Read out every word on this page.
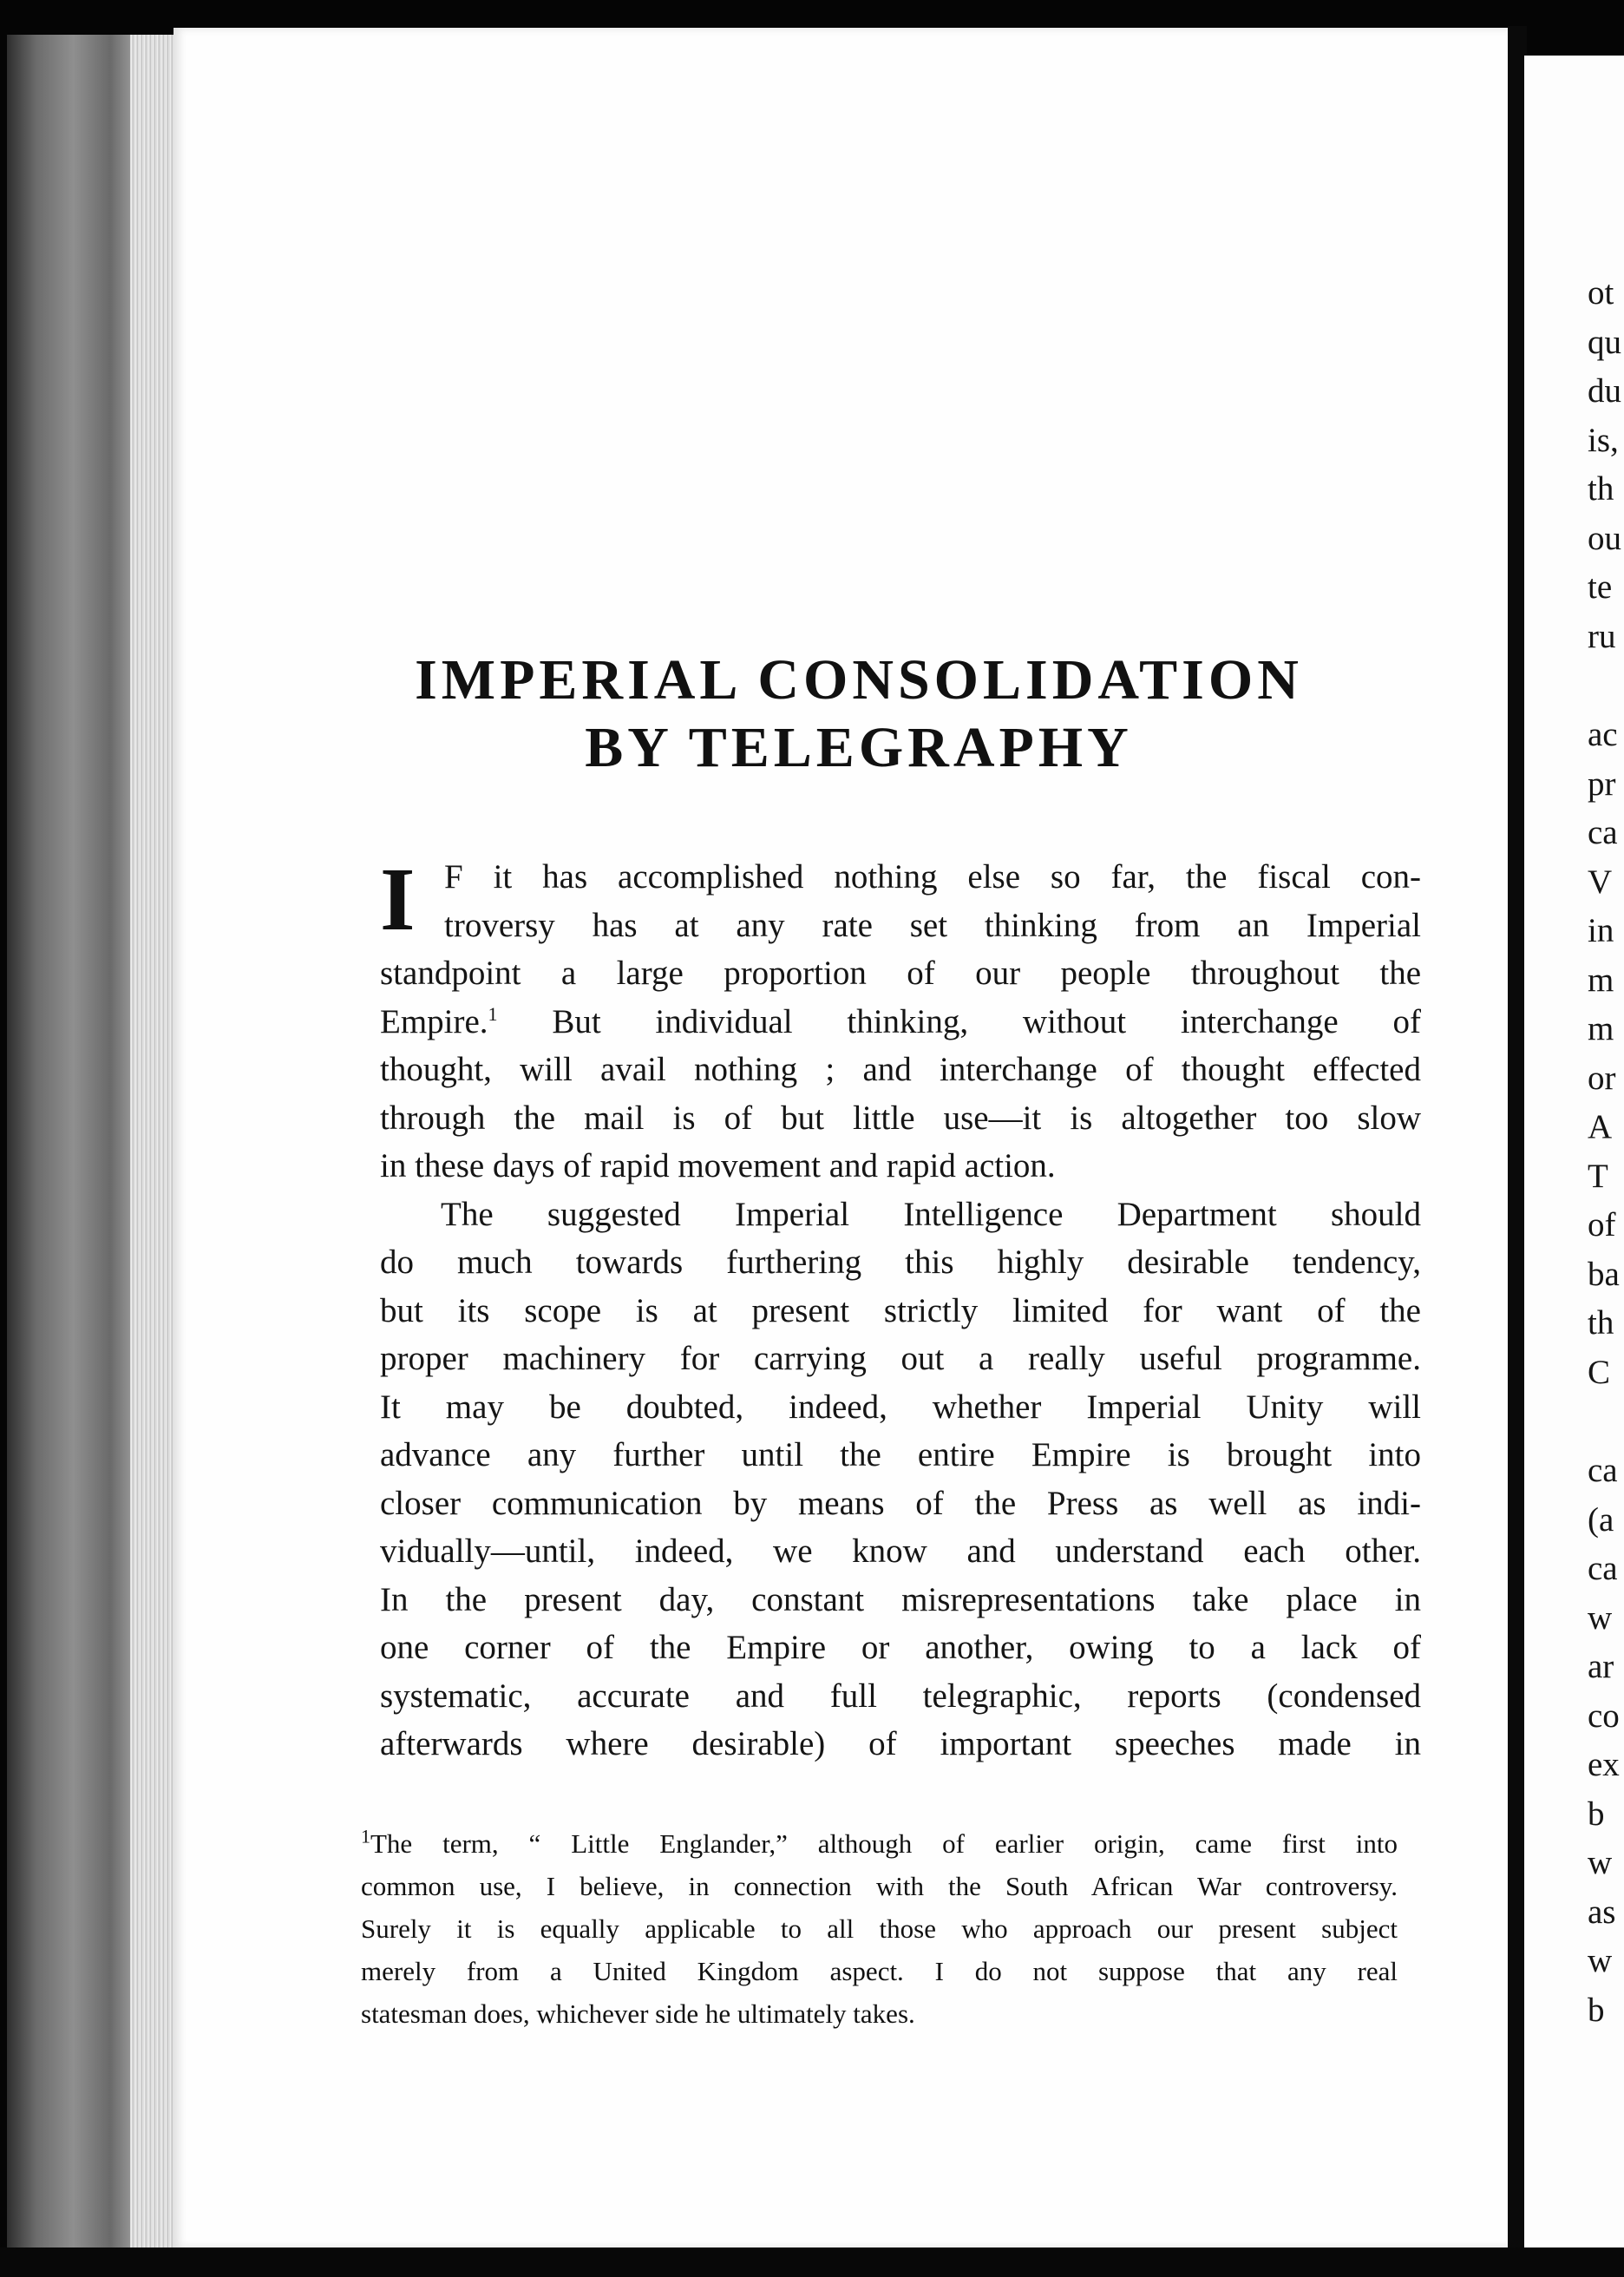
IMPERIAL CONSOLIDATION
BY TELEGRAPHY
I F it has accomplished nothing else so far, the fiscal con-
troversy has at any rate set thinking from an Imperial
standpoint a large proportion of our people throughout the
Empire.$^1$ But individual thinking, without interchange of
thought, will avail nothing ; and interchange of thought effected
through the mail is of but little use—it is altogether too slow
in these days of rapid movement and rapid action.
The suggested Imperial Intelligence Department should
do much towards furthering this highly desirable tendency,
but its scope is at present strictly limited for want of the
proper machinery for carrying out a really useful programme.
It may be doubted, indeed, whether Imperial Unity will
advance any further until the entire Empire is brought into
closer communication by means of the Press as well as indi-
vidually—until, indeed, we know and understand each other.
In the present day, constant misrepresentations take place in
one corner of the Empire or another, owing to a lack of
systematic, accurate and full telegraphic, reports (condensed
afterwards where desirable) of important speeches made in
$^1$The term, “ Little Englander,” although of earlier origin, came first into
common use, I believe, in connection with the South African War controversy.
Surely it is equally applicable to all those who approach our present subject
merely from a United Kingdom aspect. I do not suppose that any real
statesman does, whichever side he ultimately takes.
ot
qu
du
is,
th
ou
te
ru
ac
pr
ca
V
in
m
m
or
A
T
of
ba
th
C
ca
(a
ca
w
ar
co
ex
b
w
as
w
b
